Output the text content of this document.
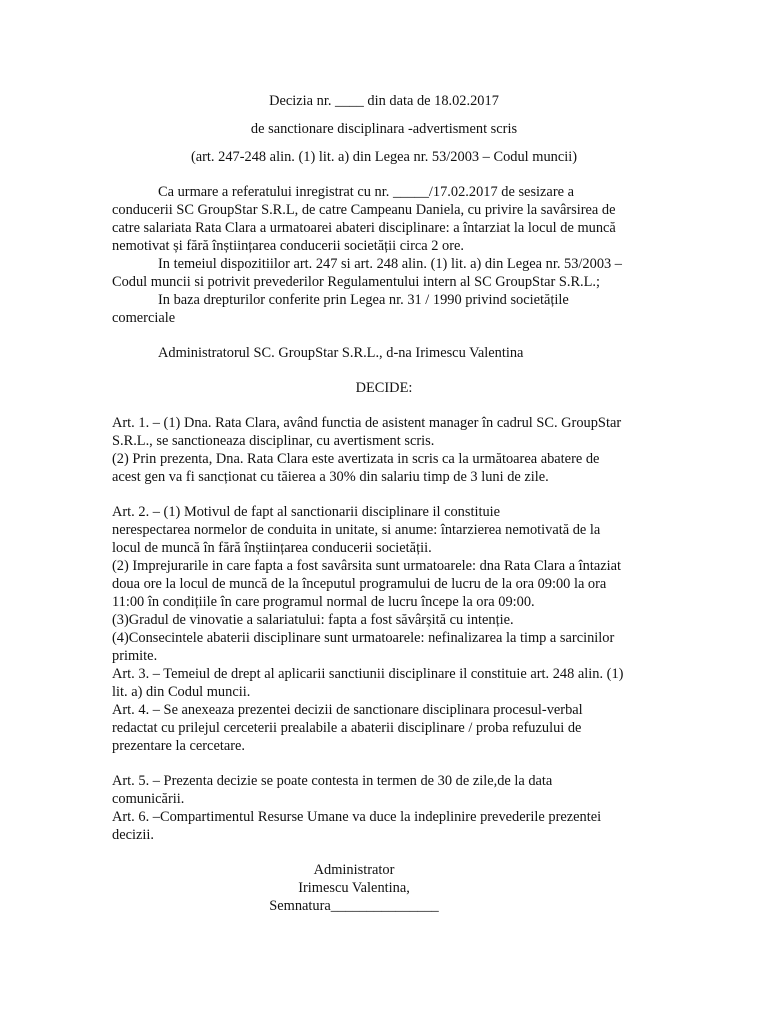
Decizia nr. ____ din data de 18.02.2017
de sanctionare disciplinara -advertisment scris
(art. 247-248 alin. (1) lit. a) din Legea nr. 53/2003 – Codul muncii)
Ca urmare a referatului inregistrat cu nr. _____/17.02.2017 de sesizare a
conducerii SC GroupStar S.R.L, de catre Campeanu Daniela, cu privire la savârsirea de
catre salariata Rata Clara a urmatoarei abateri disciplinare: a întarziat la locul de muncă
nemotivat și fără înștiințarea conducerii societății circa 2 ore.
In temeiul dispozitiilor art. 247 si art. 248 alin. (1) lit. a) din Legea nr. 53/2003 –
Codul muncii si potrivit prevederilor Regulamentului intern al SC GroupStar S.R.L.;
In baza drepturilor conferite prin Legea nr. 31 / 1990 privind societățile
comerciale
Administratorul SC. GroupStar S.R.L., d-na Irimescu Valentina
DECIDE:
Art. 1. – (1) Dna. Rata Clara, având functia de asistent manager în cadrul SC. GroupStar
S.R.L., se sanctioneaza disciplinar, cu avertisment scris.
(2) Prin prezenta, Dna. Rata Clara este avertizata in scris ca la următoarea abatere de
acest gen va fi sancționat cu tăierea a 30% din salariu timp de 3 luni de zile.
Art. 2. – (1) Motivul de fapt al sanctionarii disciplinare il constituie
nerespectarea normelor de conduita in unitate, si anume: întarzierea nemotivată de la
locul de muncă în fără înștiințarea conducerii societății.
(2) Imprejurarile in care fapta a fost savârsita sunt urmatoarele: dna Rata Clara a întaziat
doua ore la locul de muncă de la începutul programului de lucru de la ora 09:00 la ora
11:00 în condițiile în care programul normal de lucru începe la ora 09:00.
(3)Gradul de vinovatie a salariatului: fapta a fost săvârșită cu intenție.
(4)Consecintele abaterii disciplinare sunt urmatoarele: nefinalizarea la timp a sarcinilor
primite.
Art. 3. – Temeiul de drept al aplicarii sanctiunii disciplinare il constituie art. 248 alin. (1)
lit. a) din Codul muncii.
Art. 4. – Se anexeaza prezentei decizii de sanctionare disciplinara procesul-verbal
redactat cu prilejul cerceterii prealabile a abaterii disciplinare / proba refuzului de
prezentare la cercetare.
Art. 5. – Prezenta decizie se poate contesta in termen de 30 de zile,de la data
comunicării.
Art. 6. –Compartimentul Resurse Umane va duce la indeplinire prevederile prezentei
decizii.
Administrator
Irimescu Valentina,
Semnatura_______________
